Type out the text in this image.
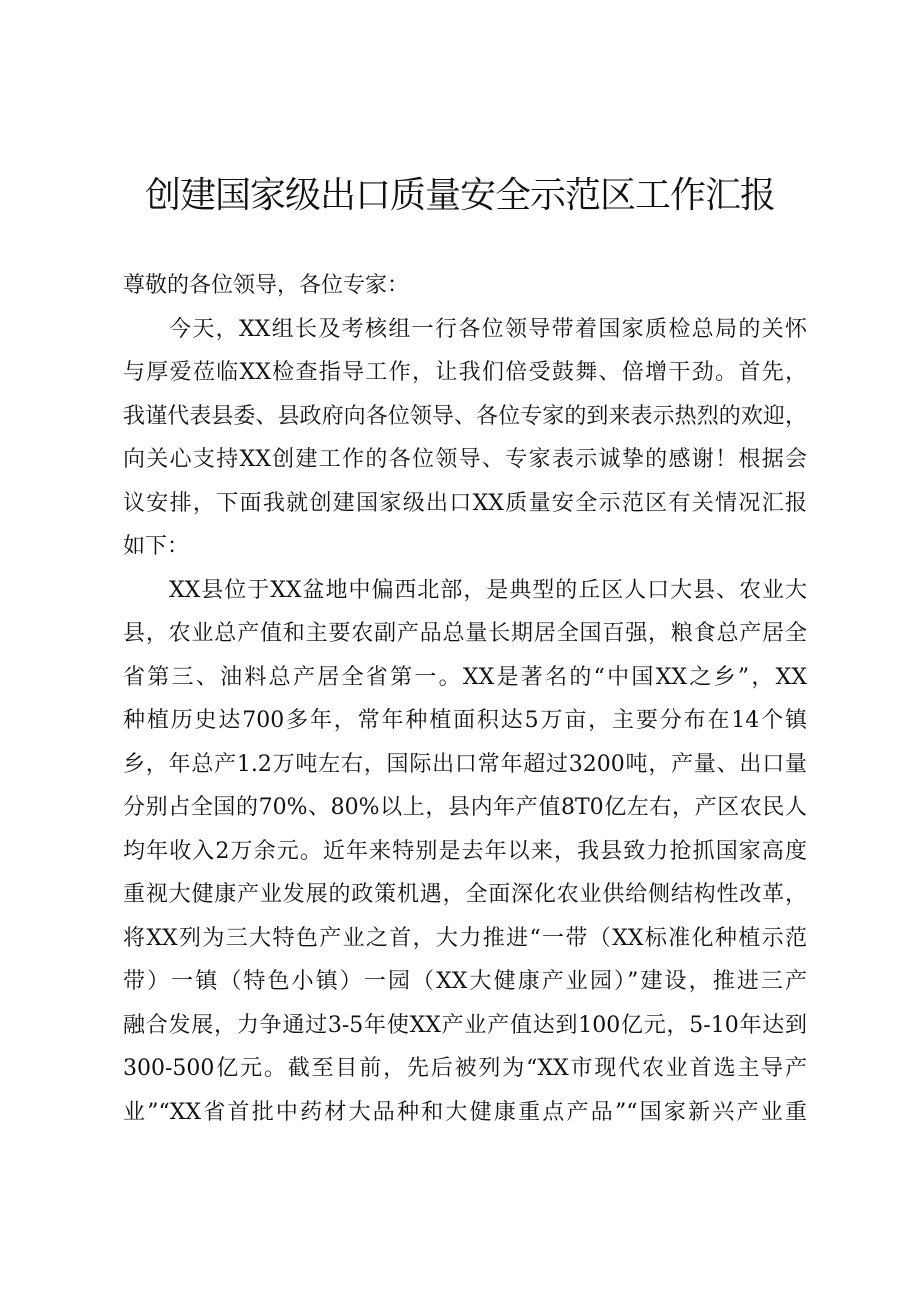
创建国家级出口质量安全示范区工作汇报

尊敬的各位领导，各位专家：

今天，XX组长及考核组一行各位领导带着国家质检总局的关怀

与厚爱莅临XX检查指导工作，让我们倍受鼓舞、倍增干劲。首先，

我谨代表县委、县政府向各位领导、各位专家的到来表示热烈的欢迎，

向关心支持XX创建工作的各位领导、专家表示诚挚的感谢！根据会

议安排，下面我就创建国家级出口XX质量安全示范区有关情况汇报

如下：

XX县位于XX盆地中偏西北部，是典型的丘区人口大县、农业大

县，农业总产值和主要农副产品总量长期居全国百强，粮食总产居全

省第三、油料总产居全省第一。XX是著名的“中国XX之乡”，XX

种植历史达700多年，常年种植面积达5万亩，主要分布在14个镇

乡，年总产1.2万吨左右，国际出口常年超过3200吨，产量、出口量

分别占全国的70%、80%以上，县内年产值8T0亿左右，产区农民人

均年收入2万余元。近年来特别是去年以来，我县致力抢抓国家高度

重视大健康产业发展的政策机遇，全面深化农业供给侧结构性改革，

将XX列为三大特色产业之首，大力推进“一带（XX标准化种植示范

带）一镇（特色小镇）一园（XX大健康产业园）”建设，推进三产

融合发展，力争通过3-5年使XX产业产值达到100亿元，5-10年达到

300-500亿元。截至目前，先后被列为“XX市现代农业首选主导产

业”“XX省首批中药材大品种和大健康重点产品”“国家新兴产业重
